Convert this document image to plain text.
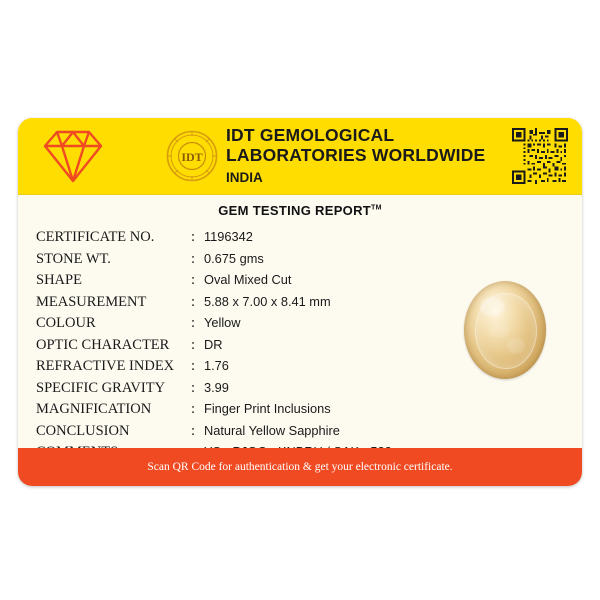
IDT
IDT GEMOLOGICAL
LABORATORIES WORLDWIDE
INDIA
GEM TESTING REPORT™
CERTIFICATE NO.	: 1196342
STONE WT.	: 0.675 gms
SHAPE	: Oval Mixed Cut
MEASUREMENT	: 5.88 x 7.00 x 8.41 mm
COLOUR	: Yellow
OPTIC CHARACTER	: DR
REFRACTIVE INDEX	: 1.76
SPECIFIC GRAVITY	: 3.99
MAGNIFICATION	: Finger Print Inclusions
CONCLUSION	: Natural Yellow Sapphire
Scan QR Code for authentication & get your electronic certificate.
